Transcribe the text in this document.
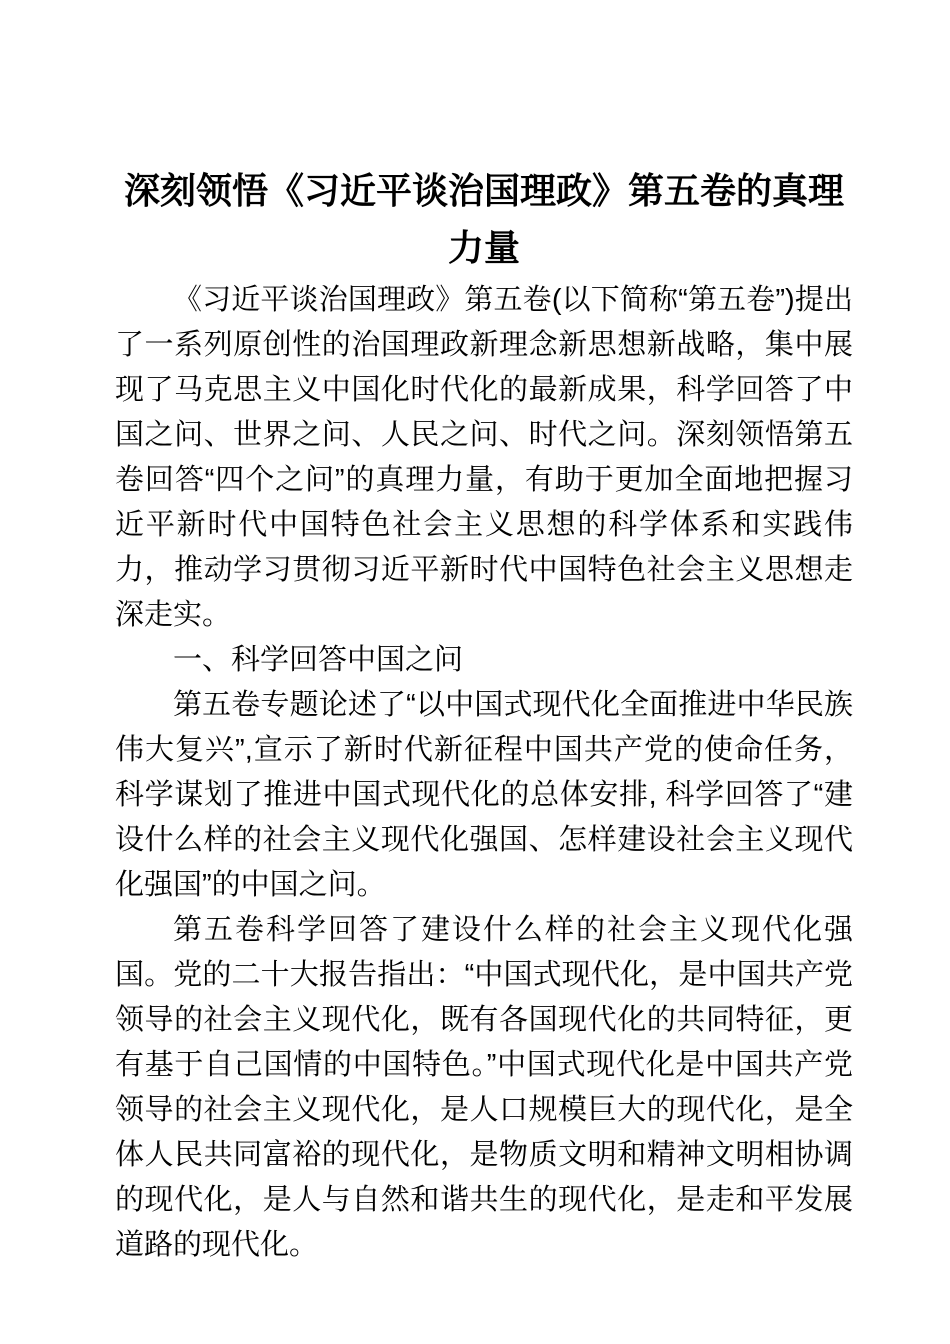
深刻领悟《习近平谈治国理政》第五卷的真理力量

《习近平谈治国理政》第五卷(以下简称“第五卷”)提出了一系列原创性的治国理政新理念新思想新战略，集中展现了马克思主义中国化时代化的最新成果，科学回答了中国之问、世界之问、人民之问、时代之问。深刻领悟第五卷回答“四个之问”的真理力量，有助于更加全面地把握习近平新时代中国特色社会主义思想的科学体系和实践伟力，推动学习贯彻习近平新时代中国特色社会主义思想走深走实。

一、科学回答中国之问

第五卷专题论述了“以中国式现代化全面推进中华民族伟大复兴”,宣示了新时代新征程中国共产党的使命任务，科学谋划了推进中国式现代化的总体安排, 科学回答了“建设什么样的社会主义现代化强国、怎样建设社会主义现代化强国”的中国之问。

第五卷科学回答了建设什么样的社会主义现代化强国。党的二十大报告指出：“中国式现代化，是中国共产党领导的社会主义现代化，既有各国现代化的共同特征，更有基于自己国情的中国特色。”中国式现代化是中国共产党领导的社会主义现代化，是人口规模巨大的现代化，是全体人民共同富裕的现代化，是物质文明和精神文明相协调的现代化，是人与自然和谐共生的现代化，是走和平发展道路的现代化。
